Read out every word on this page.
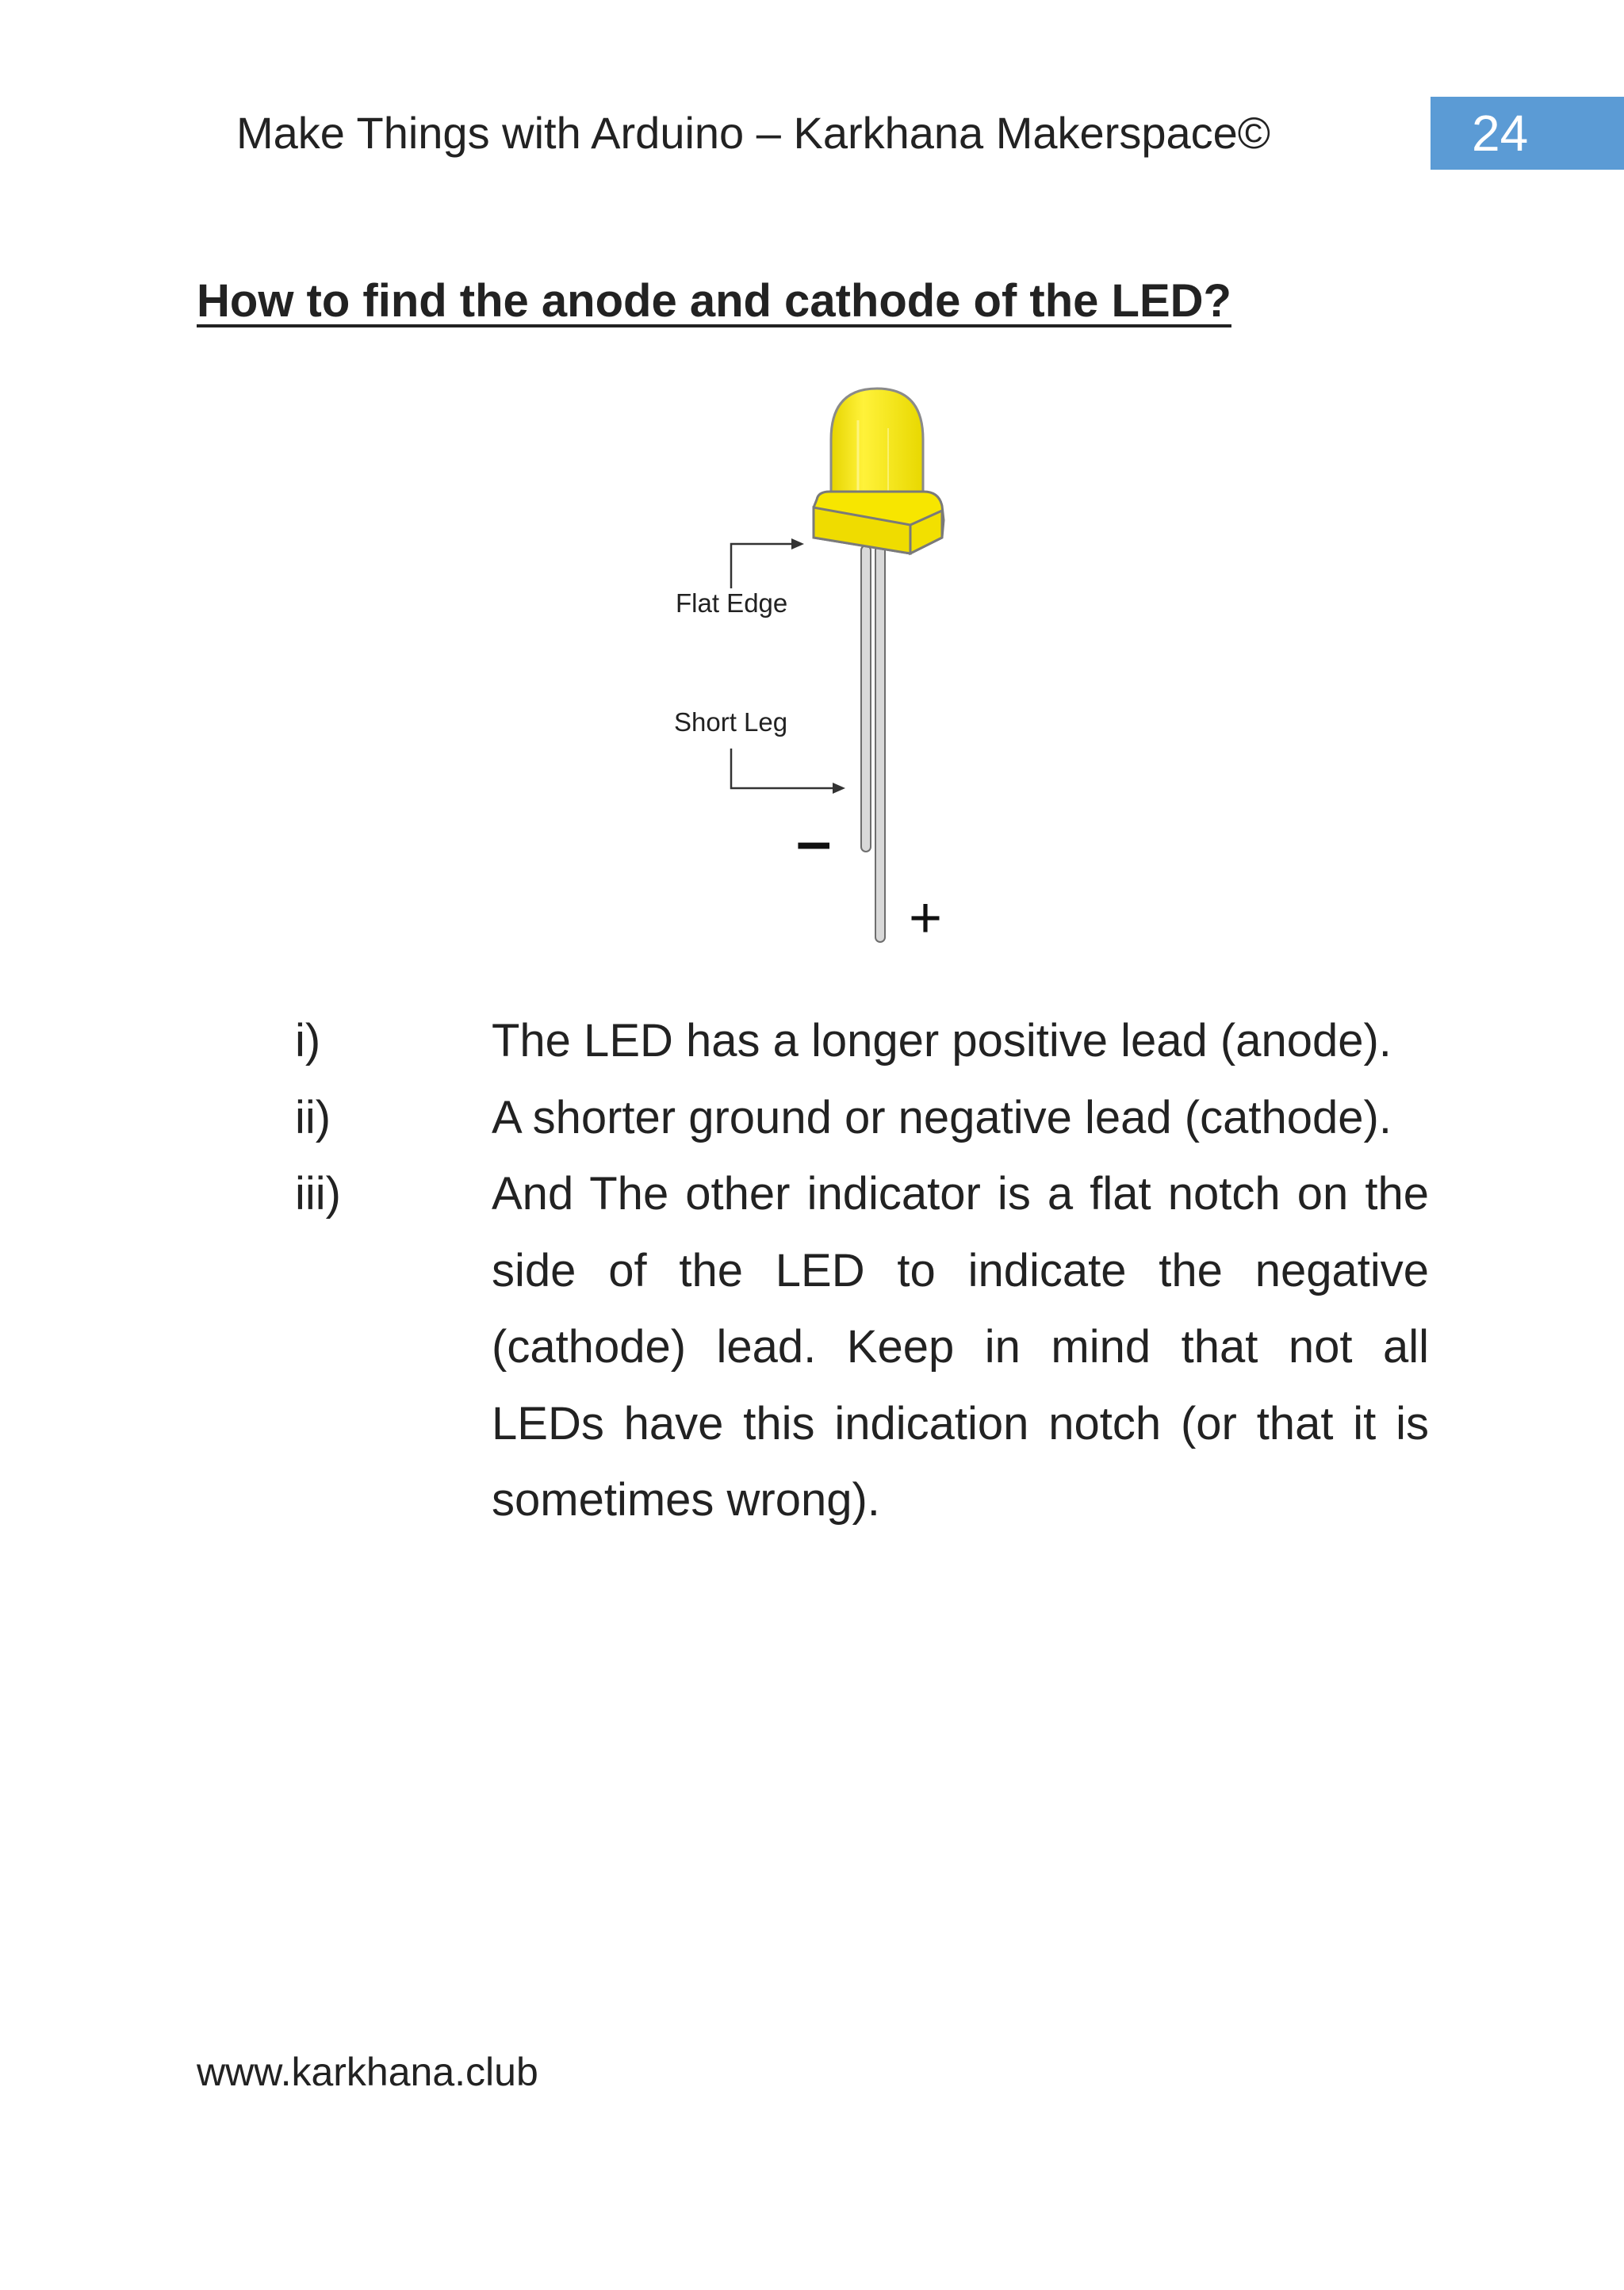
Make Things with Arduino – Karkhana Makerspace©	24
How to find the anode and cathode of the LED?
Flat Edge
Short Leg
–
+
i)	The LED has a longer positive lead (anode).
ii)	A shorter ground or negative lead (cathode).
iii)	And The other indicator is a flat notch on the side of the LED to indicate the negative (cathode) lead. Keep in mind that not all LEDs have this indication notch (or that it is sometimes wrong).
www.karkhana.club
